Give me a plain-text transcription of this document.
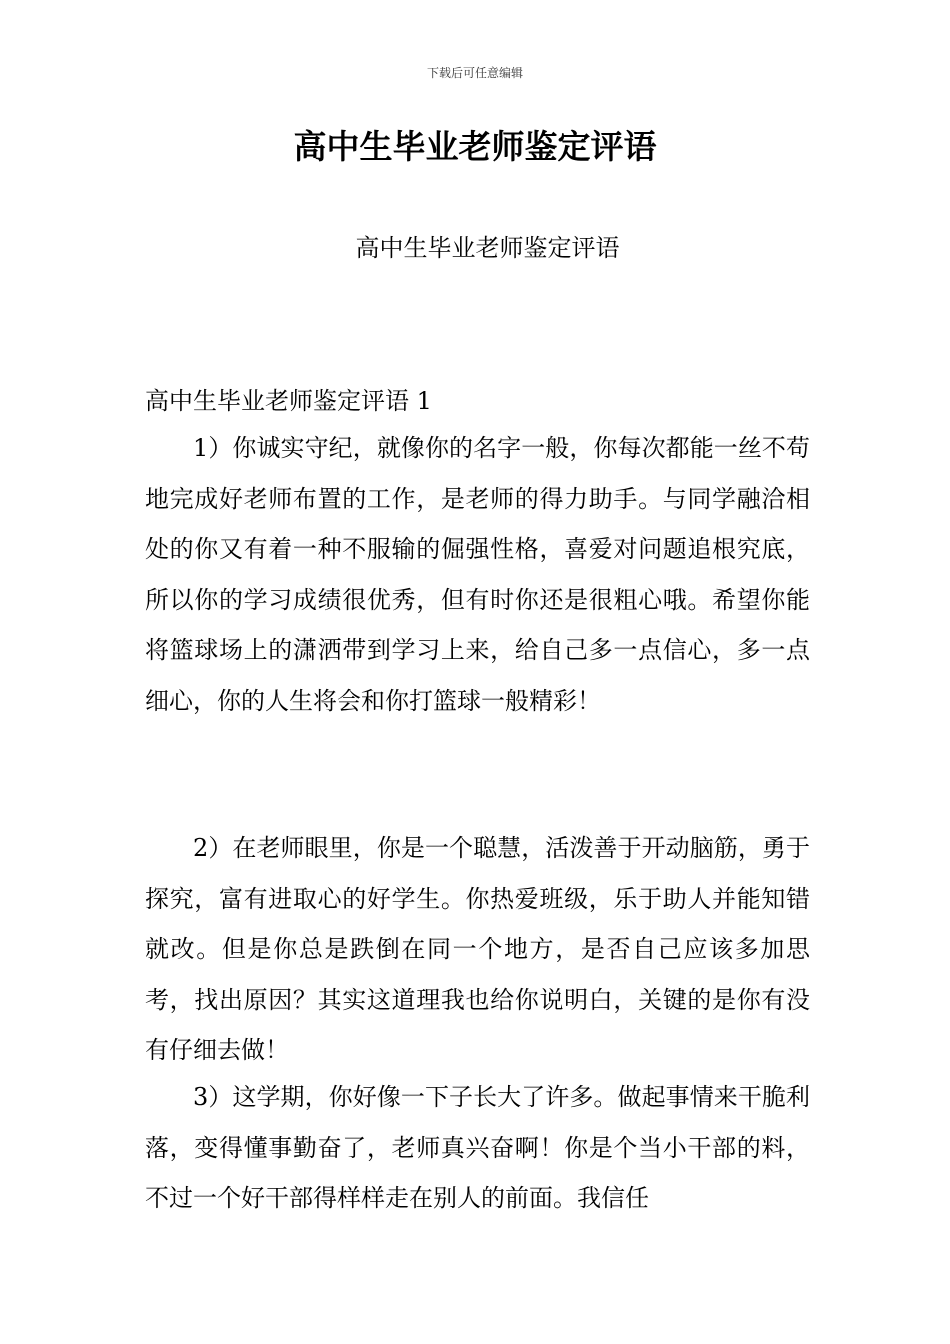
下载后可任意编辑
高中生毕业老师鉴定评语
高中生毕业老师鉴定评语
高中生毕业老师鉴定评语 1

1）你诚实守纪，就像你的名字一般，你每次都能一丝不苟地完成好老师布置的工作，是老师的得力助手。与同学融洽相处的你又有着一种不服输的倔强性格，喜爱对问题追根究底，所以你的学习成绩很优秀，但有时你还是很粗心哦。希望你能将篮球场上的潇洒带到学习上来，给自己多一点信心，多一点细心，你的人生将会和你打篮球一般精彩！

2）在老师眼里，你是一个聪慧，活泼善于开动脑筋，勇于探究，富有进取心的好学生。你热爱班级，乐于助人并能知错就改。但是你总是跌倒在同一个地方，是否自己应该多加思考，找出原因？其实这道理我也给你说明白，关键的是你有没有仔细去做！

3）这学期，你好像一下子长大了许多。做起事情来干脆利落，变得懂事勤奋了，老师真兴奋啊！你是个当小干部的料，不过一个好干部得样样走在别人的前面。我信任
